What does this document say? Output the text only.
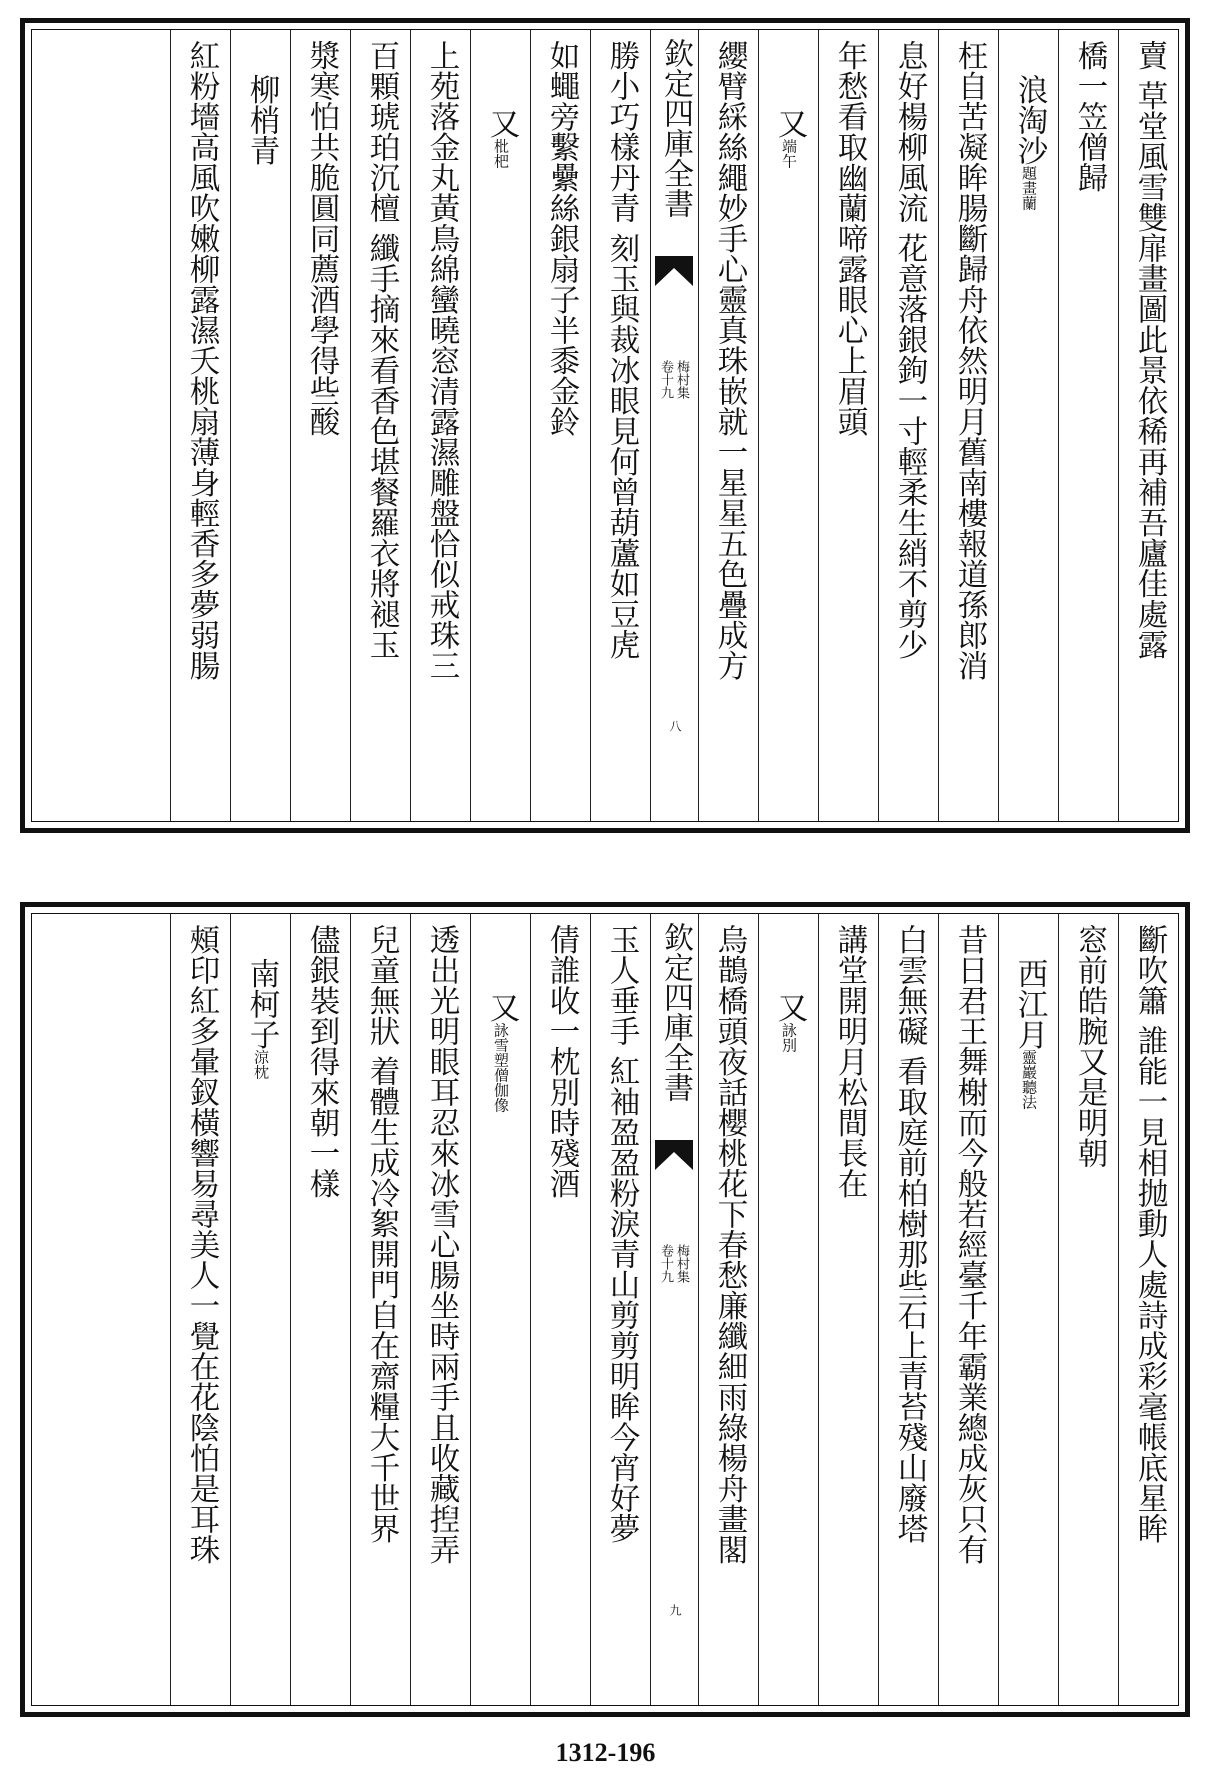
賣 草堂風雪雙扉畫圖此景依稀再補吾廬佳處露
橋一笠僧歸
浪淘沙題畫蘭
枉自苦凝眸腸斷歸舟依然明月舊南樓報道孫郎消
息好楊柳風流 花意落銀鉤一寸輕柔生綃不剪少
年愁看取幽蘭啼露眼心上眉頭
又端午
纓臂綵絲繩妙手心靈真珠嵌就一星星五色疊成方
欽定四庫全書
卷十九 梅村集
八
勝小巧樣丹青 刻玉與裁冰眼見何曾葫蘆如豆虎
如蠅旁繫纍絲銀扇子半黍金鈴
又枇杷
上苑落金丸黃鳥綿蠻曉窓清露濕雕盤恰似戒珠三
百顆琥珀沉檀 纖手摘來看香色堪餐羅衣將褪玉
漿寒怕共脆圓同薦酒學得些酸
柳梢青
紅粉墻高風吹嫩柳露濕夭桃扇薄身輕香多夢弱腸
斷吹簫 誰能一見相抛動人處詩成彩毫帳底星眸
窓前皓腕又是明朝
西江月靈巖聽法
昔日君王舞榭而今般若經臺千年霸業總成灰只有
白雲無礙 看取庭前柏樹那些石上青苔殘山廢塔
講堂開明月松間長在
又詠別
烏鵲橋頭夜話櫻桃花下春愁廉纖細雨綠楊舟畫閣
欽定四庫全書
卷十九 梅村集
九
玉人垂手 紅袖盈盈粉淚青山剪剪明眸今宵好夢
倩誰收一枕別時殘酒
又詠雪塑僧伽像
透出光明眼耳忍來冰雪心腸坐時兩手且收藏揑弄
兒童無狀 着體生成冷絮開門自在齋糧大千世界
儘銀裝到得來朝一樣
南柯子涼枕
頰印紅多暈釵橫響易尋美人一覺在花陰怕是耳珠
1312-196
